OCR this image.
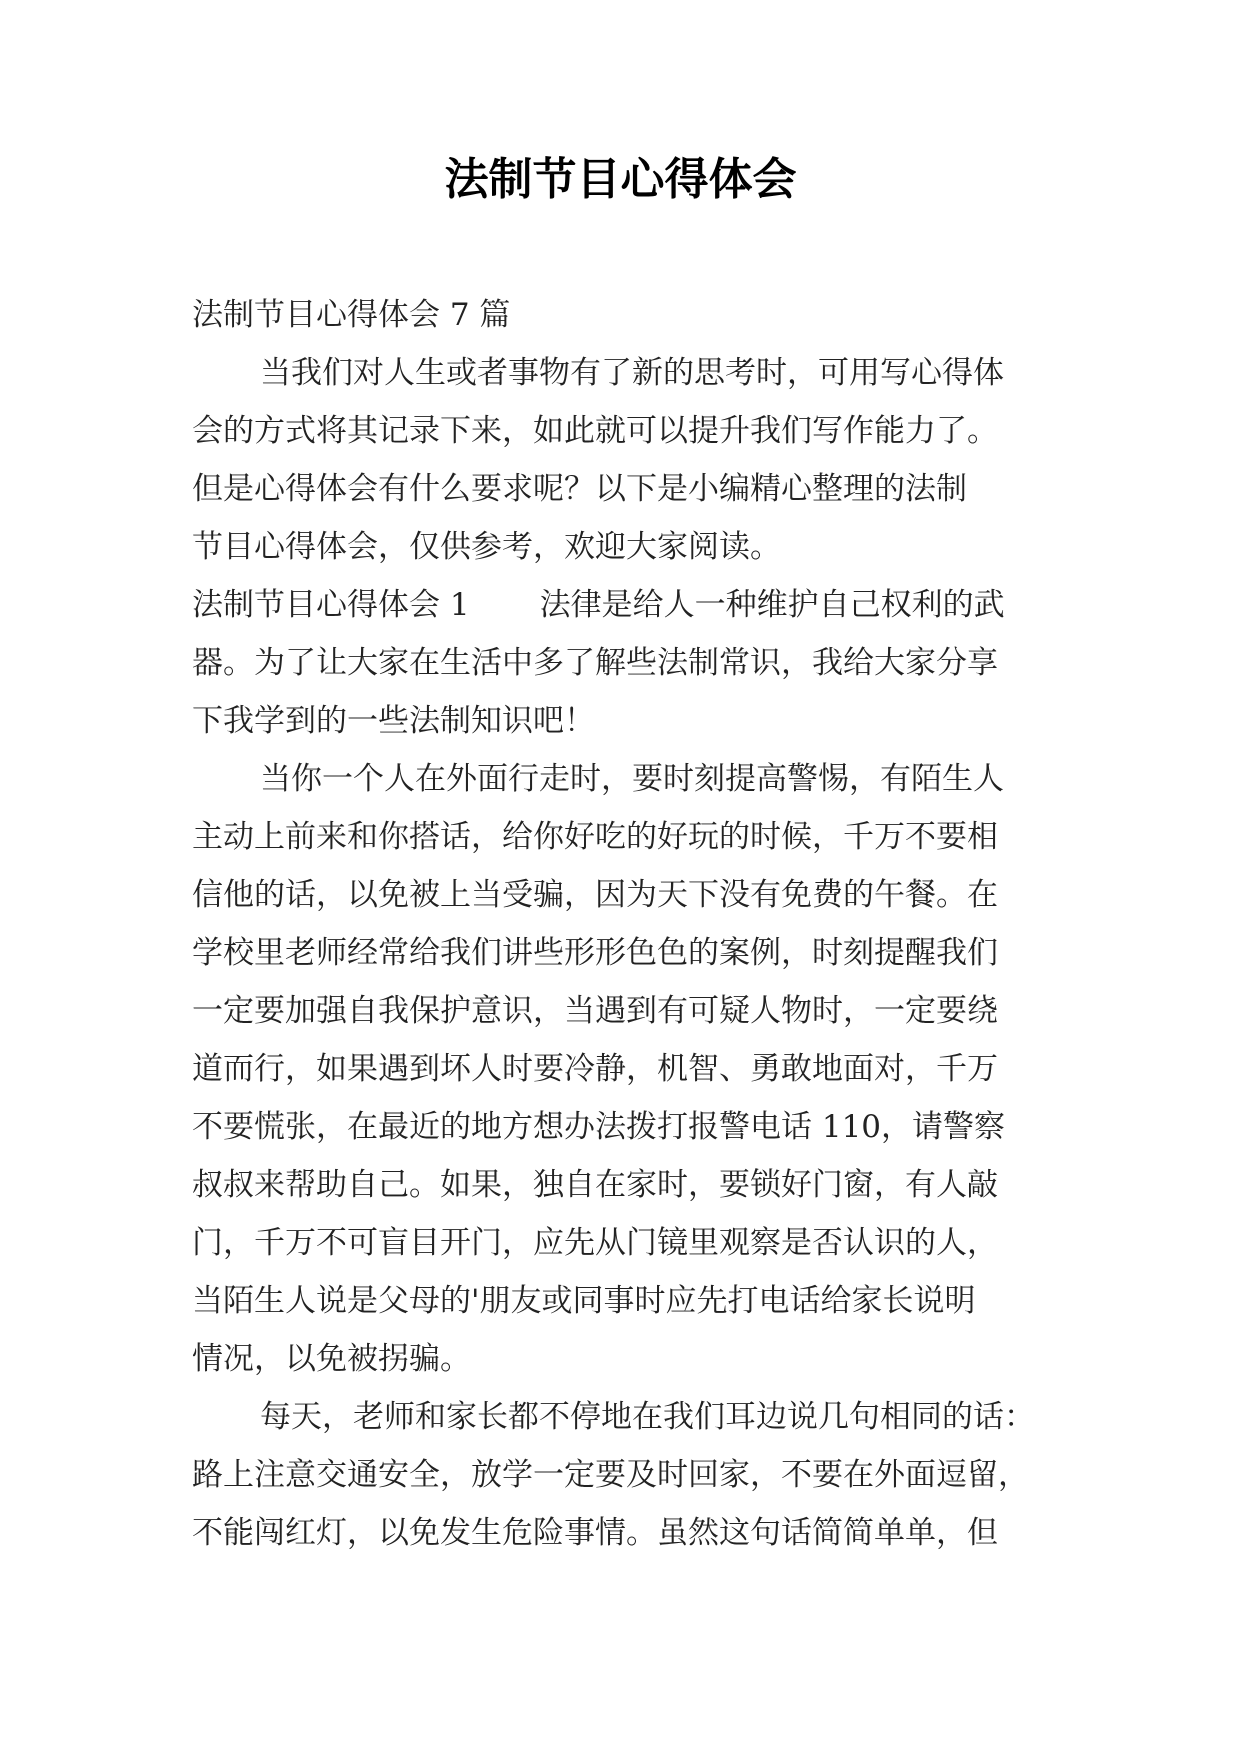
法制节目心得体会
法制节目心得体会 7 篇
当我们对人生或者事物有了新的思考时，可用写心得体
会的方式将其记录下来，如此就可以提升我们写作能力了。
但是心得体会有什么要求呢？以下是小编精心整理的法制
节目心得体会，仅供参考，欢迎大家阅读。
法制节目心得体会 1 法律是给人一种维护自己权利的武
器。为了让大家在生活中多了解些法制常识，我给大家分享
下我学到的一些法制知识吧！
当你一个人在外面行走时，要时刻提高警惕，有陌生人
主动上前来和你搭话，给你好吃的好玩的时候，千万不要相
信他的话，以免被上当受骗，因为天下没有免费的午餐。在
学校里老师经常给我们讲些形形色色的案例，时刻提醒我们
一定要加强自我保护意识，当遇到有可疑人物时，一定要绕
道而行，如果遇到坏人时要冷静，机智、勇敢地面对，千万
不要慌张，在最近的地方想办法拨打报警电话 110，请警察
叔叔来帮助自己。如果，独自在家时，要锁好门窗，有人敲
门，千万不可盲目开门，应先从门镜里观察是否认识的人，
当陌生人说是父母的'朋友或同事时应先打电话给家长说明
情况，以免被拐骗。
每天，老师和家长都不停地在我们耳边说几句相同的话：
路上注意交通安全，放学一定要及时回家，不要在外面逗留，
不能闯红灯，以免发生危险事情。虽然这句话简简单单，但
